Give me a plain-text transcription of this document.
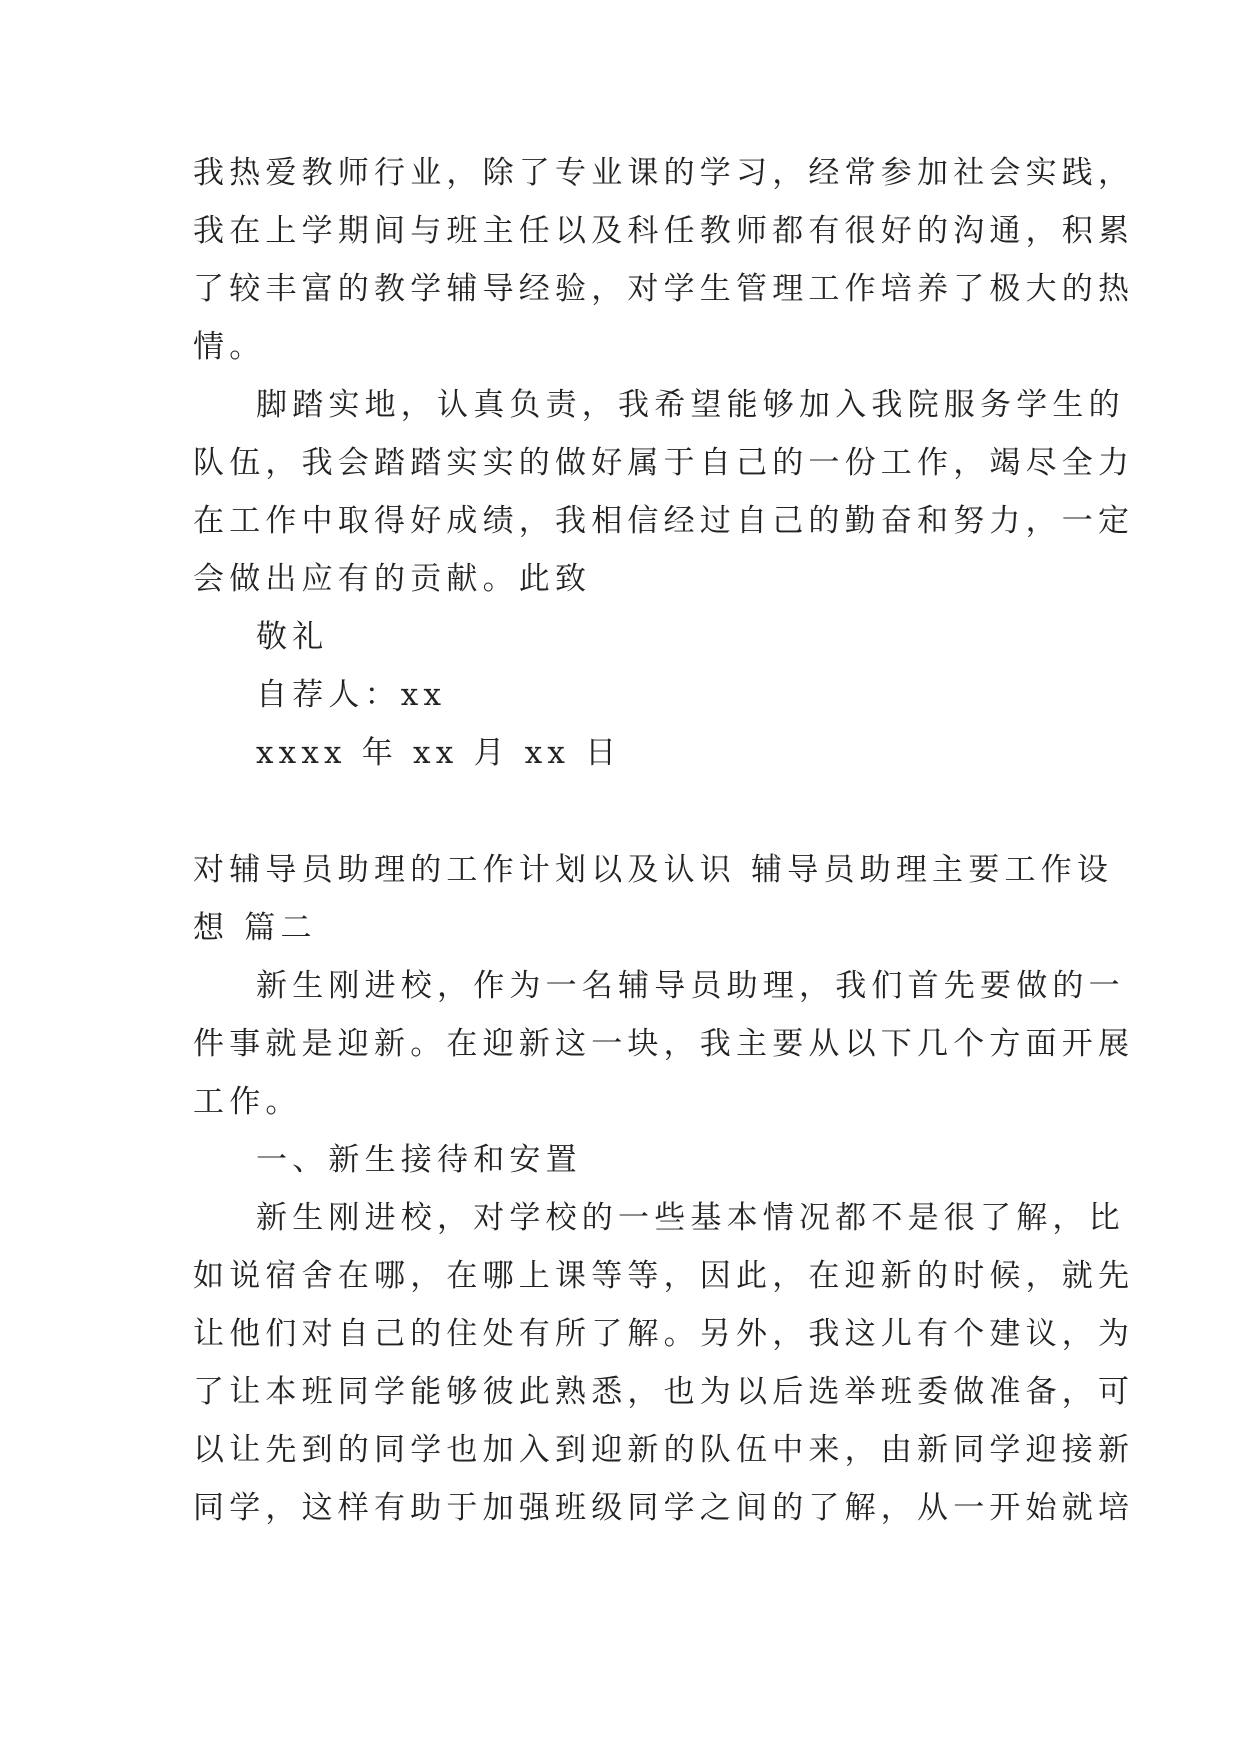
我热爱教师行业，除了专业课的学习，经常参加社会实践，
我在上学期间与班主任以及科任教师都有很好的沟通，积累
了较丰富的教学辅导经验，对学生管理工作培养了极大的热
情。
脚踏实地，认真负责，我希望能够加入我院服务学生的
队伍，我会踏踏实实的做好属于自己的一份工作，竭尽全力
在工作中取得好成绩，我相信经过自己的勤奋和努力，一定
会做出应有的贡献。此致
敬礼
自荐人：xx
xxxx 年 xx 月 xx 日
对辅导员助理的工作计划以及认识 辅导员助理主要工作设
想 篇二
新生刚进校，作为一名辅导员助理，我们首先要做的一
件事就是迎新。在迎新这一块，我主要从以下几个方面开展
工作。
一、新生接待和安置
新生刚进校，对学校的一些基本情况都不是很了解，比
如说宿舍在哪，在哪上课等等，因此，在迎新的时候，就先
让他们对自己的住处有所了解。另外，我这儿有个建议，为
了让本班同学能够彼此熟悉，也为以后选举班委做准备，可
以让先到的同学也加入到迎新的队伍中来，由新同学迎接新
同学，这样有助于加强班级同学之间的了解，从一开始就培
